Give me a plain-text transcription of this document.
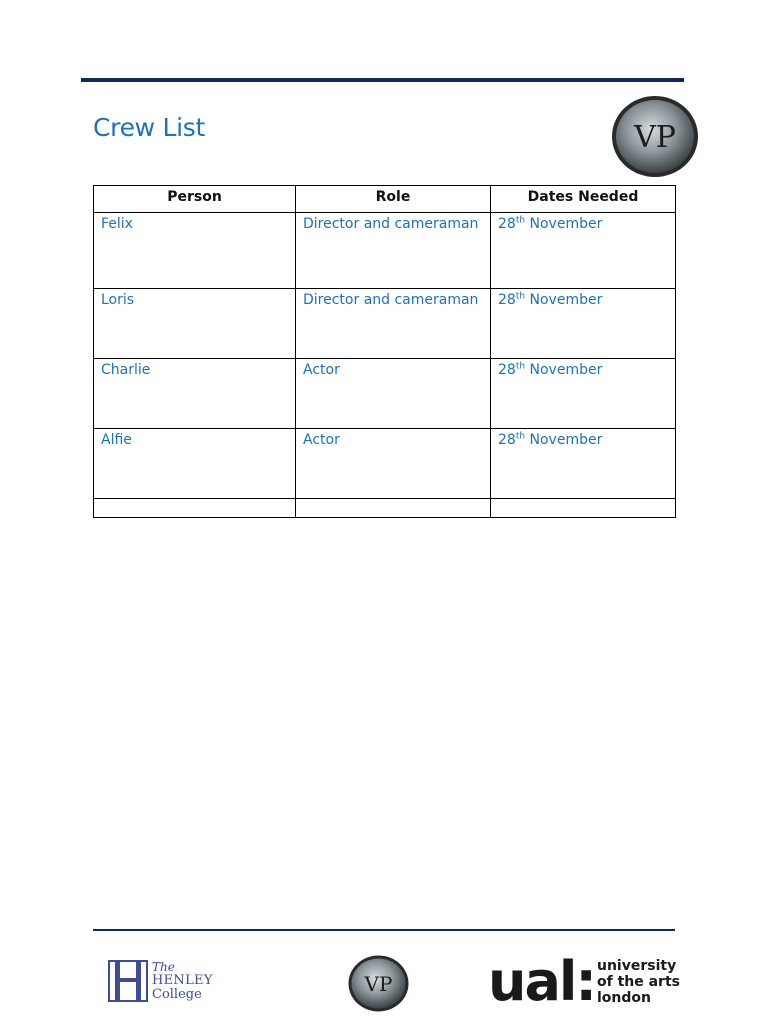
Crew List	VP
Person	Role	Dates Needed
Felix	Director and cameraman	28th November
Loris	Director and cameraman	28th November
Charlie	Actor	28th November
Alfie	Actor	28th November

The
HENLEY
College	VP ual: university
of the arts
london
